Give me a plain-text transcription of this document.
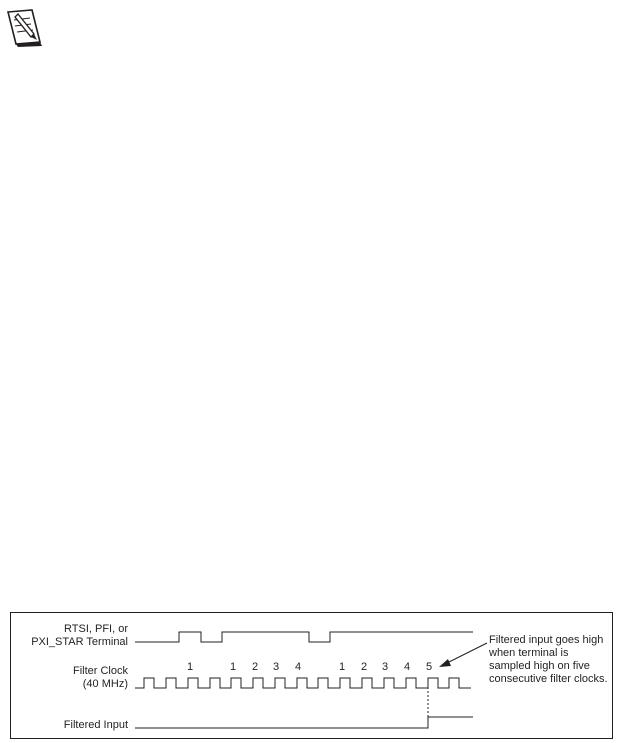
RTSI, PFI, or
PXI_STAR Terminal
Filter Clock
(40 MHz)
Filtered Input
1	1 2 3 4	1 2 3 4 5
Filtered input goes high when terminal is sampled high on five consecutive filter clocks.
